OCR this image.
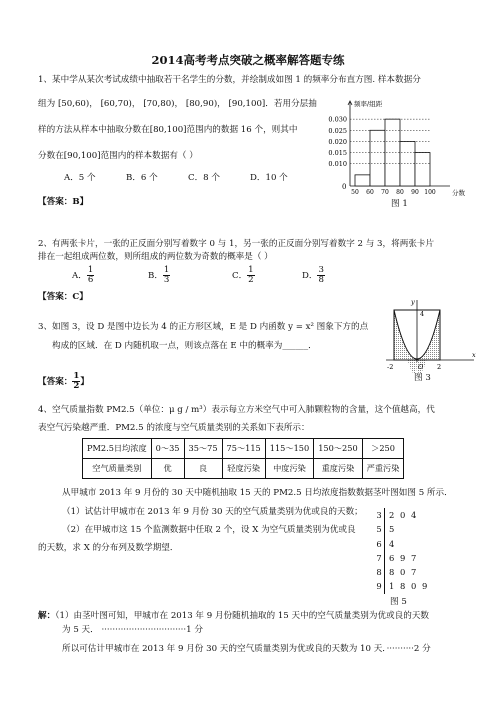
2014高考考点突破之概率解答题专练
1、某中学从某次考试成绩中抽取若干名学生的分数，并绘制成如图 1 的频率分布直方图. 样本数据分
组为 [50,60)， [60,70)， [70,80)， [80,90)， [90,100]．若用分层抽
样的方法从样本中抽取分数在[80,100]范围内的数据 16 个，则其中
分数在[90,100]范围内的样本数据有（ ）
A．5 个	B．6 个	C．8 个	D．10 个
【答案：B】
频率/组距
分数
0
0.030
0.025
0.020
0.015
0.010
50 60 70 80 90 100
图 1
2、有两张卡片，一张的正反面分别写着数字 0 与 1，另一张的正反面分别写着数字 2 与 3，将两张卡片
排在一起组成两位数，则所组成的两位数为奇数的概率是（ ）
A． $\frac{1}{6}$	B． $\frac{1}{3}$	C． $\frac{1}{2}$	D． $\frac{3}{8}$
【答案：C】
3、如图 3，设 D 是图中边长为 4 的正方形区域，E 是 D 内函数 y = x² 图象下方的点
构成的区域．在 D 内随机取一点，则该点落在 E 中的概率为______．
【答案： $\frac{1}{2}$ 】
y
x
4
-2	O 2
图 3
4、空气质量指数 PM2.5（单位：μ g / m³）表示每立方米空气中可入肺颗粒物的含量，这个值越高，代
表空气污染越严重．PM2.5 的浓度与空气质量类别的关系如下表所示：
PM2.5日均浓度	0～35	35～75	75～115	115～150	150～250	＞250
空气质量类别	优	良	轻度污染	中度污染	重度污染	严重污染
从甲城市 2013 年 9 月份的 30 天中随机抽取 15 天的 PM2.5 日均浓度指数数据茎叶图如图 5 所示．
（1）试估计甲城市在 2013 年 9 月份 30 天的空气质量类别为优或良的天数；
（2）在甲城市这 15 个监测数据中任取 2 个，设 X 为空气质量类别为优或良
的天数，求 X 的分布列及数学期望．
3 2 0 4
5 5
6 4
7 6 9 7
8 8 0 7
9 1 8 0 9
图 5
解：（1）由茎叶图可知，甲城市在 2013 年 9 月份随机抽取的 15 天中的空气质量类别为优或良的天数
为 5 天． ·······························1 分
所以可估计甲城市在 2013 年 9 月份 30 天的空气质量类别为优或良的天数为 10 天．··········2 分
